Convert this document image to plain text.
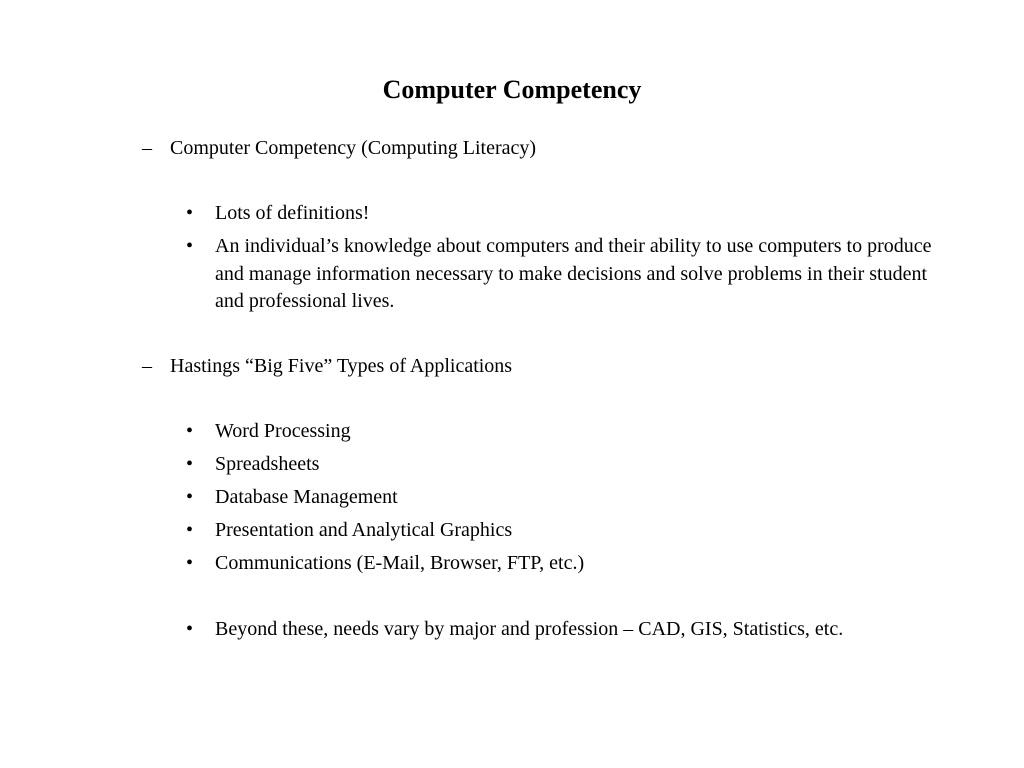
Computer Competency
– Computer Competency (Computing Literacy)
• Lots of definitions!
• An individual’s knowledge about computers and their ability to use computers to produce and manage information necessary to make decisions and solve problems in their student and professional lives.
– Hastings “Big Five” Types of Applications
• Word Processing
• Spreadsheets
• Database Management
• Presentation and Analytical Graphics
• Communications (E-Mail, Browser, FTP, etc.)
• Beyond these, needs vary by major and profession – CAD, GIS, Statistics, etc.
